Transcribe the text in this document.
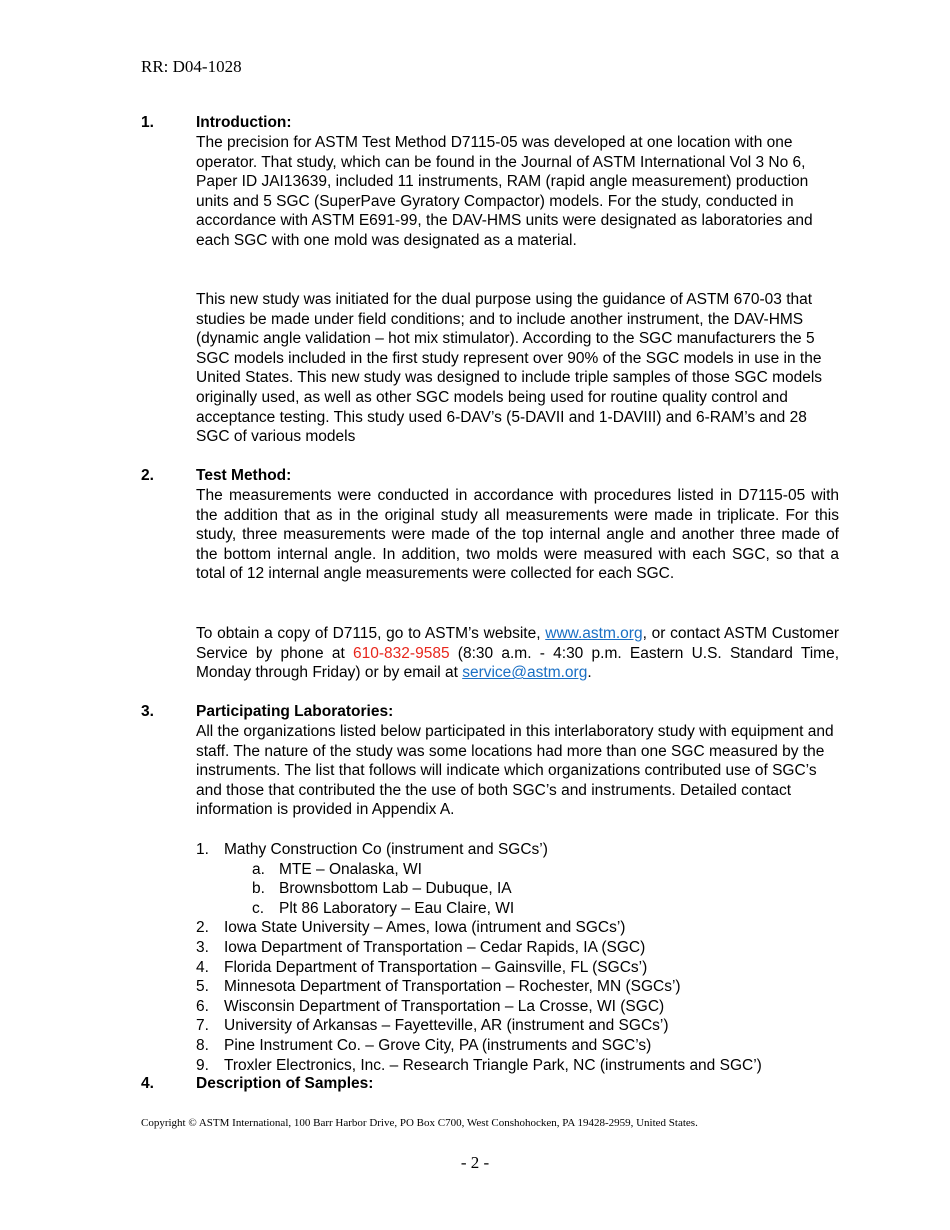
RR: D04-1028
1.	Introduction:

The precision for ASTM Test Method D7115-05 was developed at one location with one operator. That study, which can be found in the Journal of ASTM International Vol 3 No 6, Paper ID JAI13639, included 11 instruments, RAM (rapid angle measurement) production units and 5 SGC (SuperPave Gyratory Compactor) models. For the study, conducted in accordance with ASTM E691-99, the DAV-HMS units were designated as laboratories and each SGC with one mold was designated as a material.

This new study was initiated for the dual purpose using the guidance of ASTM 670-03 that studies be made under field conditions; and to include another instrument, the DAV-HMS (dynamic angle validation – hot mix stimulator). According to the SGC manufacturers the 5 SGC models included in the first study represent over 90% of the SGC models in use in the United States. This new study was designed to include triple samples of those SGC models originally used, as well as other SGC models being used for routine quality control and acceptance testing. This study used 6-DAV’s (5-DAVII and 1-DAVIII) and 6-RAM’s and 28 SGC of various models

2.	Test Method:

The measurements were conducted in accordance with procedures listed in D7115-05 with the addition that as in the original study all measurements were made in triplicate. For this study, three measurements were made of the top internal angle and another three made of the bottom internal angle. In addition, two molds were measured with each SGC, so that a total of 12 internal angle measurements were collected for each SGC.

To obtain a copy of D7115, go to ASTM’s website, www.astm.org, or contact ASTM Customer Service by phone at 610-832-9585 (8:30 a.m. - 4:30 p.m. Eastern U.S. Standard Time, Monday through Friday) or by email at service@astm.org.

3.	Participating Laboratories:

All the organizations listed below participated in this interlaboratory study with equipment and staff. The nature of the study was some locations had more than one SGC measured by the instruments. The list that follows will indicate which organizations contributed use of SGC’s and those that contributed the the use of both SGC’s and instruments. Detailed contact information is provided in Appendix A.

1. Mathy Construction Co (instrument and SGCs’)
a. MTE – Onalaska, WI
b. Brownsbottom Lab – Dubuque, IA
c. Plt 86 Laboratory – Eau Claire, WI
2. Iowa State University – Ames, Iowa (intrument and SGCs’)
3. Iowa Department of Transportation – Cedar Rapids, IA (SGC)
4. Florida Department of Transportation – Gainsville, FL (SGCs’)
5. Minnesota Department of Transportation – Rochester, MN (SGCs’)
6. Wisconsin Department of Transportation – La Crosse, WI (SGC)
7. University of Arkansas – Fayetteville, AR (instrument and SGCs’)
8. Pine Instrument Co. – Grove City, PA (instruments and SGC’s)
9. Troxler Electronics, Inc. – Research Triangle Park, NC (instruments and SGC’)
4.	Description of Samples:
Copyright © ASTM International, 100 Barr Harbor Drive, PO Box C700, West Conshohocken, PA 19428-2959, United States.
- 2 -
